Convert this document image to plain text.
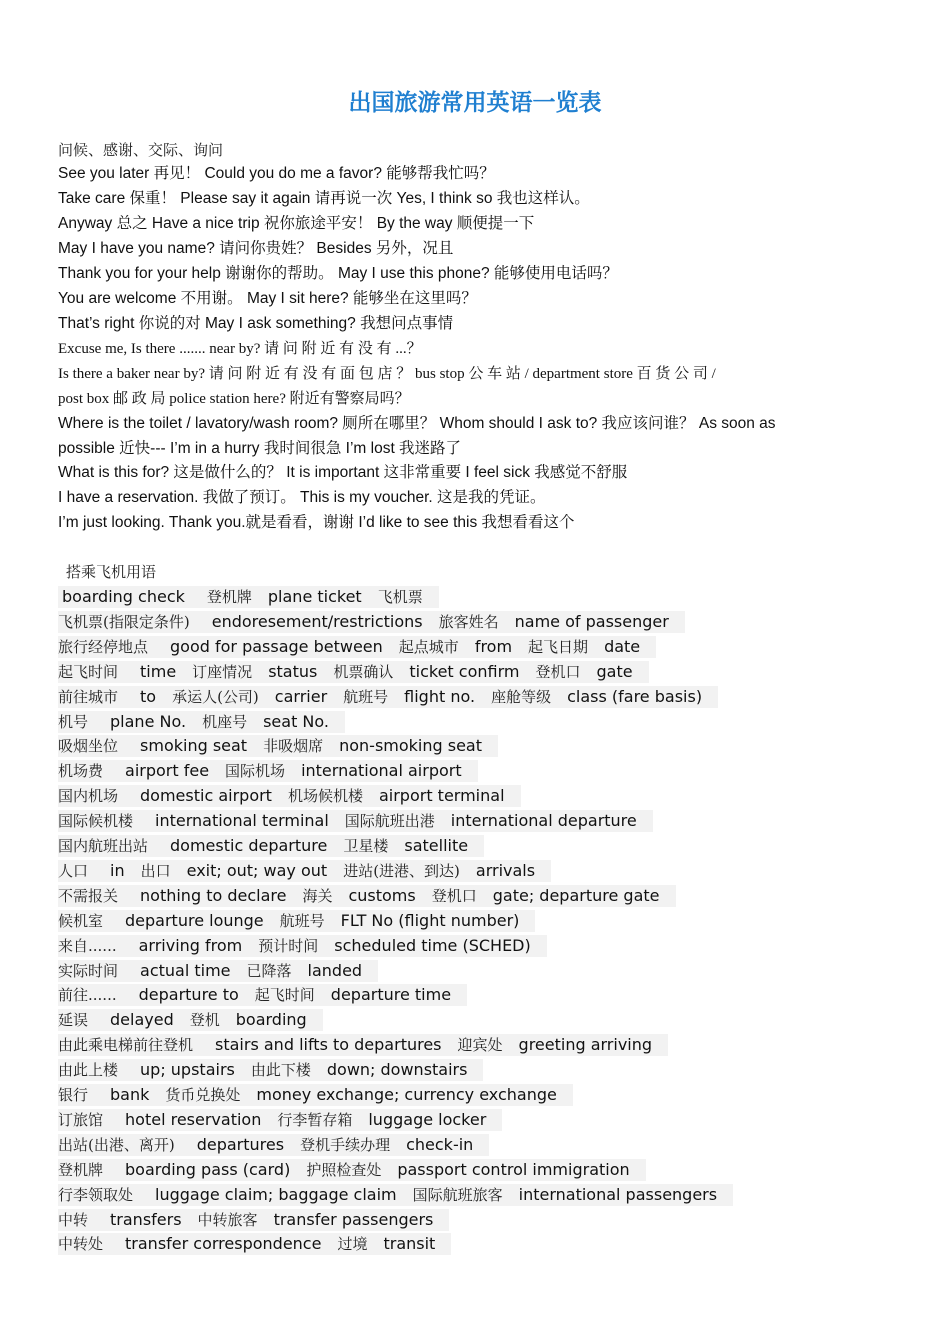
出国旅游常用英语一览表
问候、感谢、交际、询问
See you later 再见！ Could you do me a favor? 能够帮我忙吗？
Take care 保重！ Please say it again 请再说一次 Yes, I think so 我也这样认。
Anyway 总之 Have a nice trip 祝你旅途平安！ By the way 顺便提一下
May I have you name? 请问你贵姓？ Besides 另外，况且
Thank you for your help 谢谢你的帮助。 May I use this phone? 能够使用电话吗？
You are welcome 不用谢。 May I sit here? 能够坐在这里吗？
That’s right 你说的对 May I ask something? 我想问点事情
Excuse me, Is there ....... near by? 请 问 附 近 有 没 有 ...？
Is there a baker near by? 请 问 附 近 有 没 有 面 包 店 ？ bus stop 公 车 站 / department store 百 货 公 司 /
post box 邮 政 局 police station here? 附近有警察局吗？
Where is the toilet / lavatory/wash room? 厕所在哪里？ Whom should I ask to? 我应该问谁？ As soon as
possible 近快--- I’m in a hurry 我时间很急 I’m lost 我迷路了
What is this for? 这是做什么的？ It is important 这非常重要 I feel sick 我感觉不舒服
I have a reservation. 我做了预订。 This is my voucher. 这是我的凭证。
I’m just looking. Thank you.就是看看，谢谢 I’d like to see this 我想看看这个
搭乘飞机用语
boarding check 登机牌 plane ticket 飞机票
飞机票(指限定条件) endoresement/restrictions 旅客姓名 name of passenger
旅行经停地点 good for passage between 起点城市 from 起飞日期 date
起飞时间 time 订座情况 status 机票确认 ticket confirm 登机口 gate
前往城市 to 承运人(公司) carrier 航班号 flight no. 座舱等级 class (fare basis)
机号 plane No. 机座号 seat No.
吸烟坐位 smoking seat 非吸烟席 non-smoking seat
机场费 airport fee 国际机场 international airport
国内机场 domestic airport 机场候机楼 airport terminal
国际候机楼 international terminal 国际航班出港 international departure
国内航班出站 domestic departure 卫星楼 satellite
人口 in 出口 exit; out; way out 进站(进港、到达) arrivals
不需报关 nothing to declare 海关 customs 登机口 gate; departure gate
候机室 departure lounge 航班号 FLT No (flight number)
来自...... arriving from 预计时间 scheduled time (SCHED)
实际时间 actual time 已降落 landed
前往...... departure to 起飞时间 departure time
延误 delayed 登机 boarding
由此乘电梯前往登机 stairs and lifts to departures 迎宾处 greeting arriving
由此上楼 up; upstairs 由此下楼 down; downstairs
银行 bank 货币兑换处 money exchange; currency exchange
订旅馆 hotel reservation 行李暂存箱 luggage locker
出站(出港、离开) departures 登机手续办理 check-in
登机牌 boarding pass (card) 护照检查处 passport control immigration
行李领取处 luggage claim; baggage claim 国际航班旅客 international passengers
中转 transfers 中转旅客 transfer passengers
中转处 transfer correspondence 过境 transit
